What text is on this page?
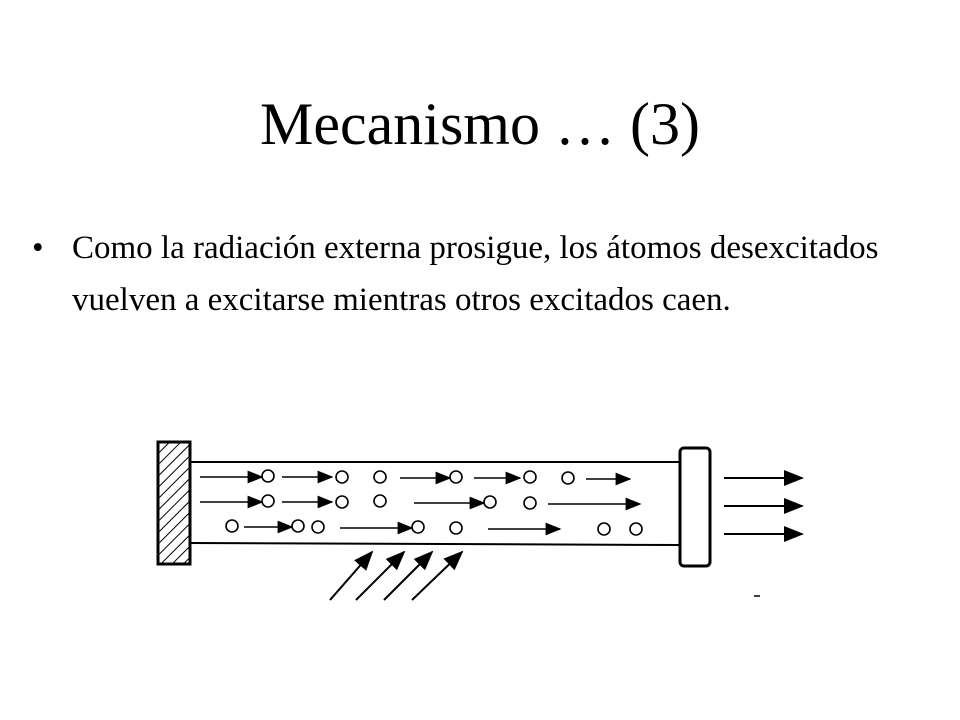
Mecanismo … (3)
• Como la radiación externa prosigue, los átomos desexcitados vuelven a excitarse mientras otros excitados caen.
